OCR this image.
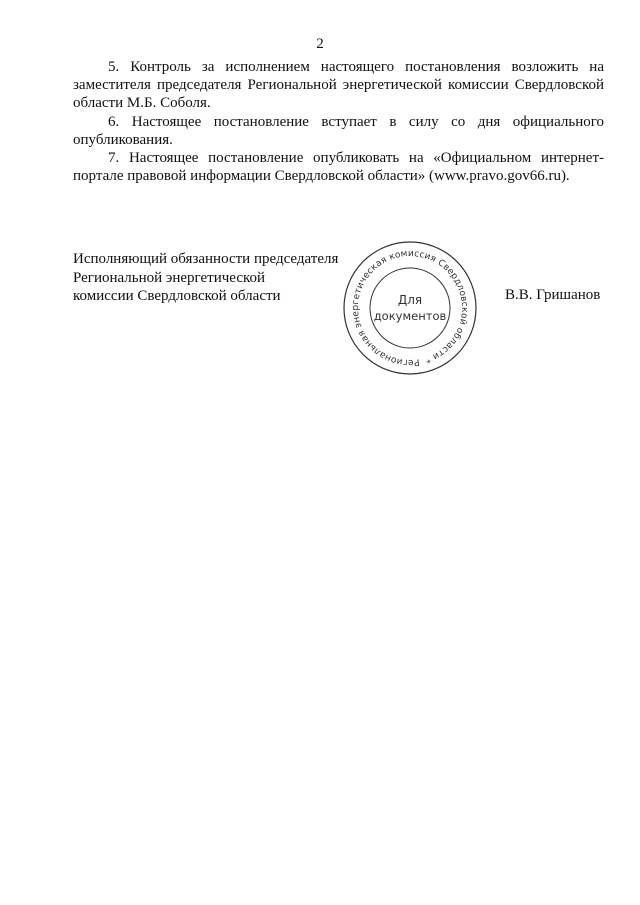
2

5. Контроль за исполнением настоящего постановления возложить на заместителя председателя Региональной энергетической комиссии Свердловской области М.Б. Соболя.

6. Настоящее постановление вступает в силу со дня официального опубликования.

7. Настоящее постановление опубликовать на «Официальном интернет-портале правовой информации Свердловской области» (www.pravo.gov66.ru).

Исполняющий обязанности председателя
Региональной энергетической
комиссии Свердловской области	В.В. Гришанов
Региональная энергетическая комиссия Свердловской области *
Для
документов
